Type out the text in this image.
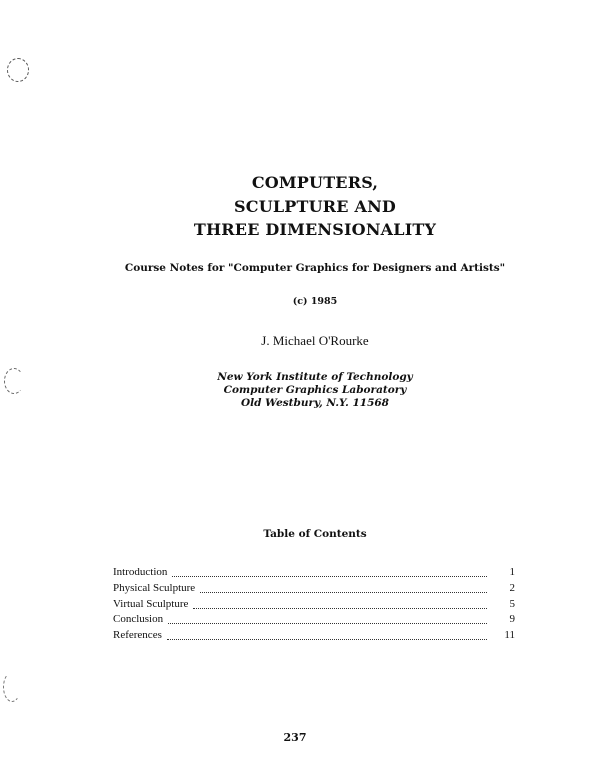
COMPUTERS,

SCULPTURE AND

THREE DIMENSIONALITY

Course Notes for "Computer Graphics for Designers and Artists"

(c) 1985

J. Michael O'Rourke

New York Institute of Technology

Computer Graphics Laboratory

Old Westbury, N.Y. 11568

Table of Contents

Introduction	1
Physical Sculpture	2
Virtual Sculpture	5
Conclusion	9
References	11

237
